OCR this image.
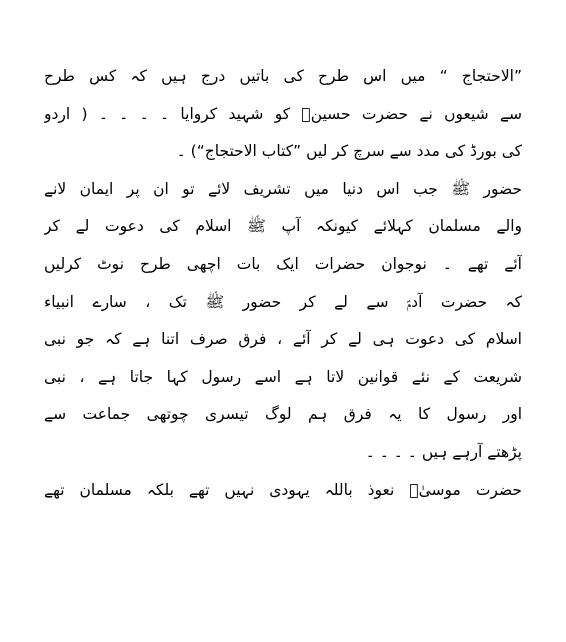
”الاحتجاج “ میں اس طرح کی باتیں درج ہیں کہ کس طرح
سے شیعوں نے حضرت حسینؓ کو شہید کروایا ۔ ۔ ۔ ۔ ( اردو
کی بورڈ کی مدد سے سرچ کر لیں ”کتاب الاحتجاج“) ۔
حضور ﷺ جب اس دنیا میں تشریف لائے تو ان پر ایمان لانے
والے مسلمان کہلائے کیونکہ آپ ﷺ اسلام کی دعوت لے کر
آئے تھے ۔ نوجوان حضرات ایک بات اچھی طرح نوٹ کرلیں
کہ حضرت آدمؑ سے لے کر حضور ﷺ تک ، سارے انبیاء
اسلام کی دعوت ہی لے کر آئے ، فرق صرف اتنا ہے کہ جو نبی
شریعت کے نئے قوانین لاتا ہے اسے رسول کہا جاتا ہے ، نبی
اور رسول کا یہ فرق ہم لوگ تیسری چوتھی جماعت سے
پڑھتے آرہے ہیں ۔ ۔ ۔ ۔
حضرت موسیٰؑ نعوذ باللہ یہودی نہیں تھے بلکہ مسلمان تھے
